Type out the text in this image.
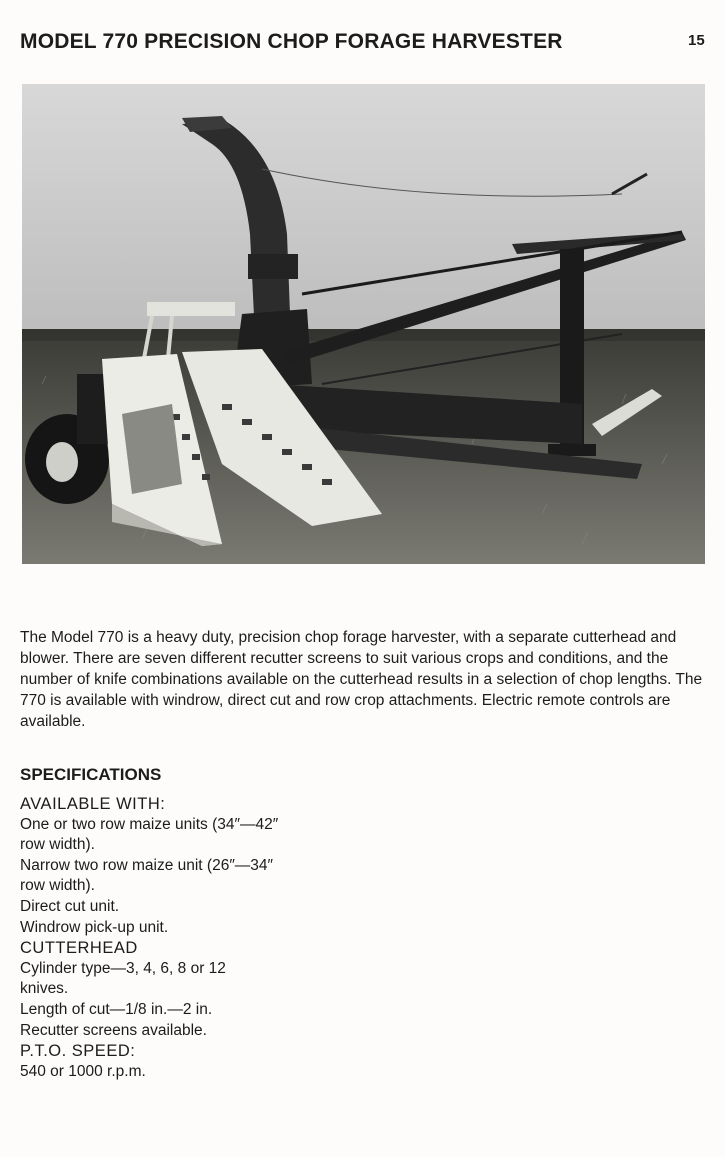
MODEL 770 PRECISION CHOP FORAGE HARVESTER	15

The Model 770 is a heavy duty, precision chop forage harvester, with a separate cutterhead and blower. There are seven different recutter screens to suit various crops and conditions, and the number of knife combinations available on the cutterhead results in a selection of chop lengths. The 770 is available with windrow, direct cut and row crop attachments. Electric remote controls are available.

SPECIFICATIONS
AVAILABLE WITH:
One or two row maize units (34″—42″
row width).
Narrow two row maize unit (26″—34″
row width).
Direct cut unit.
Windrow pick-up unit.
CUTTERHEAD
Cylinder type—3, 4, 6, 8 or 12
knives.
Length of cut—1/8 in.—2 in.
Recutter screens available.
P.T.O. SPEED:
540 or 1000 r.p.m.
